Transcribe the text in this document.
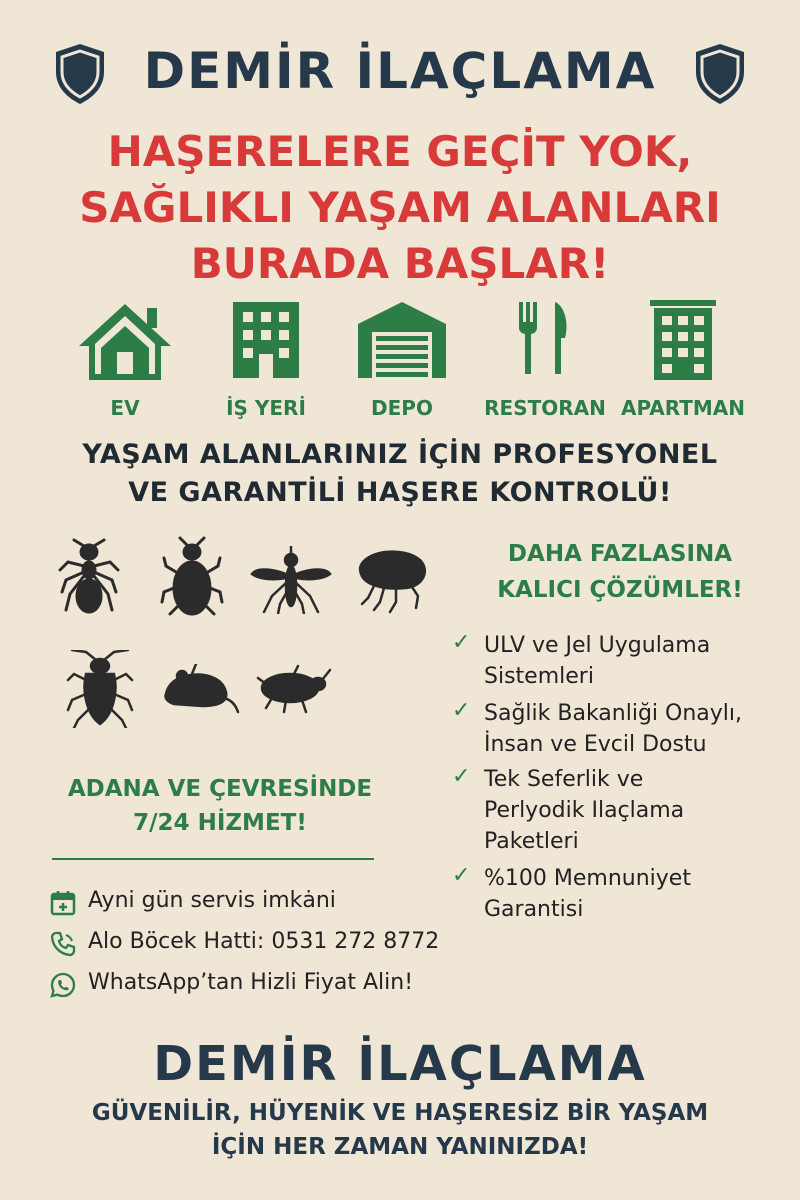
DEMİR İLAÇLAMA
HAŞERELERE GEÇİT YOK,
SAĞLIKLI YAŞAM ALANLARI
BURADA BAŞLAR!
EV	İŞ YERİ	DEPO	RESTORAN APARTMAN
YAŞAM ALANLARINIZ İÇİN PROFESYONEL
VE GARANTİLİ HAŞERE KONTROLÜ!
DAHA FAZLASINA
KALICI ÇÖZÜMLER!
✓ ULV ve Jel Uygulama
Sistemleri
✓ Sağlik Bakanliği Onaylı,
İnsan ve Evcil Dostu
✓ Tek Seferlik ve
Perlyodik Ilaçlama
Paketleri
✓ %100 Memnuniyet
Garantisi
ADANA VE ÇEVRESİNDE
7/24 HİZMET!
Ayni gün servis imkȧni
Alo Böcek Hatti: 0531 272 8772
WhatsApp’tan Hizli Fiyat Alin!
DEMİR İLAÇLAMA
GÜVENİLİR, HÜYENİK VE HAŞERESİZ BİR YAŞAM
İÇİN HER ZAMAN YANINIZDA!
